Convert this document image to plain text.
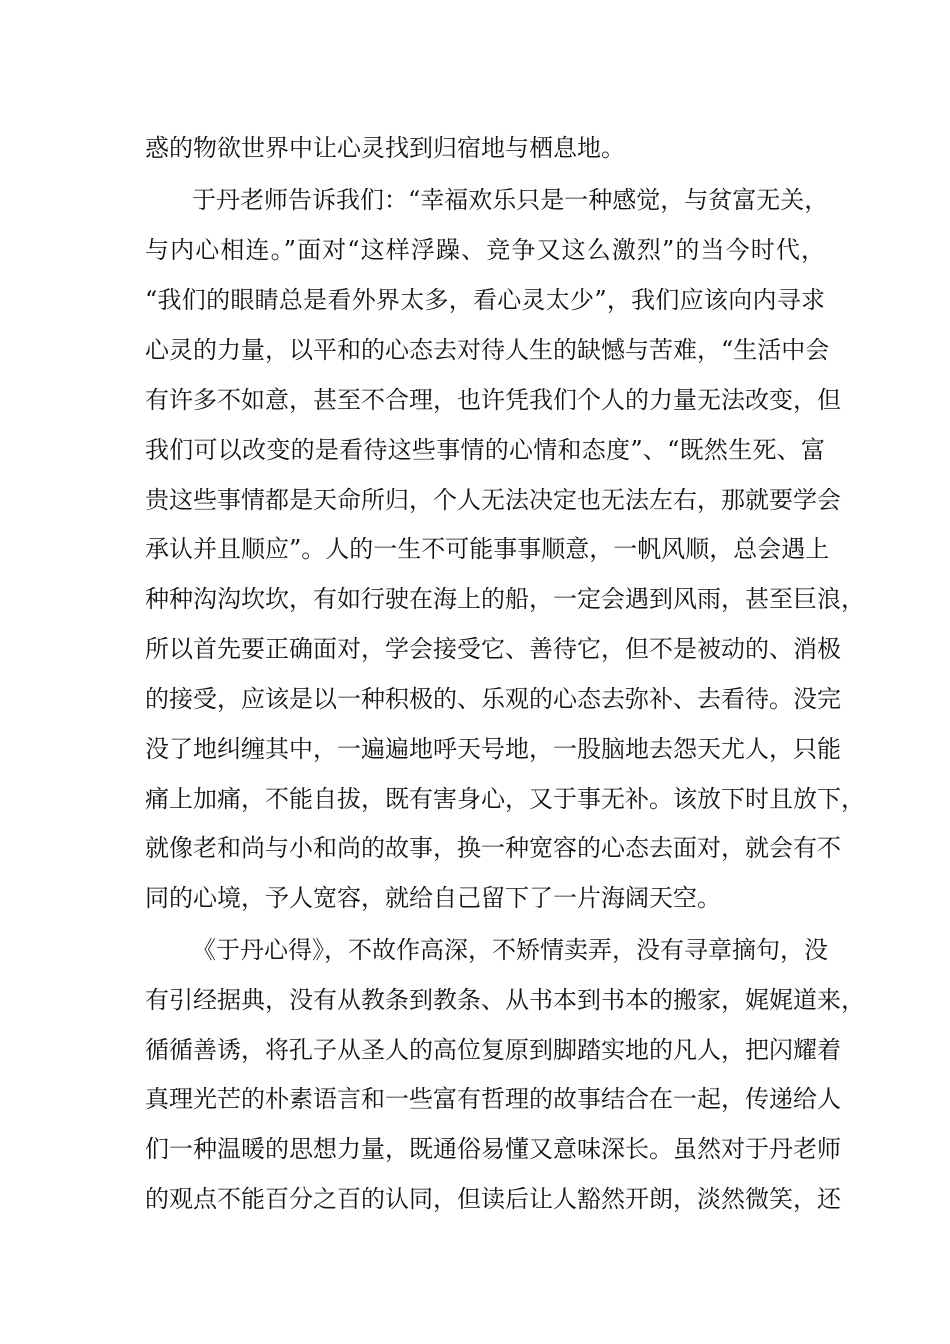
惑的物欲世界中让心灵找到归宿地与栖息地。
于丹老师告诉我们：“幸福欢乐只是一种感觉，与贫富无关，
与内心相连。”面对“这样浮躁、竞争又这么激烈”的当今时代，
“我们的眼睛总是看外界太多，看心灵太少”，我们应该向内寻求
心灵的力量，以平和的心态去对待人生的缺憾与苦难，“生活中会
有许多不如意，甚至不合理，也许凭我们个人的力量无法改变，但
我们可以改变的是看待这些事情的心情和态度”、“既然生死、富
贵这些事情都是天命所归，个人无法决定也无法左右，那就要学会
承认并且顺应”。人的一生不可能事事顺意，一帆风顺，总会遇上
种种沟沟坎坎，有如行驶在海上的船，一定会遇到风雨，甚至巨浪，
所以首先要正确面对，学会接受它、善待它，但不是被动的、消极
的接受，应该是以一种积极的、乐观的心态去弥补、去看待。没完
没了地纠缠其中，一遍遍地呼天号地，一股脑地去怨天尤人，只能
痛上加痛，不能自拔，既有害身心，又于事无补。该放下时且放下，
就像老和尚与小和尚的故事，换一种宽容的心态去面对，就会有不
同的心境，予人宽容，就给自己留下了一片海阔天空。
《于丹心得》，不故作高深，不矫情卖弄，没有寻章摘句，没
有引经据典，没有从教条到教条、从书本到书本的搬家，娓娓道来，
循循善诱，将孔子从圣人的高位复原到脚踏实地的凡人，把闪耀着
真理光芒的朴素语言和一些富有哲理的故事结合在一起，传递给人
们一种温暖的思想力量，既通俗易懂又意味深长。虽然对于丹老师
的观点不能百分之百的认同，但读后让人豁然开朗，淡然微笑，还
